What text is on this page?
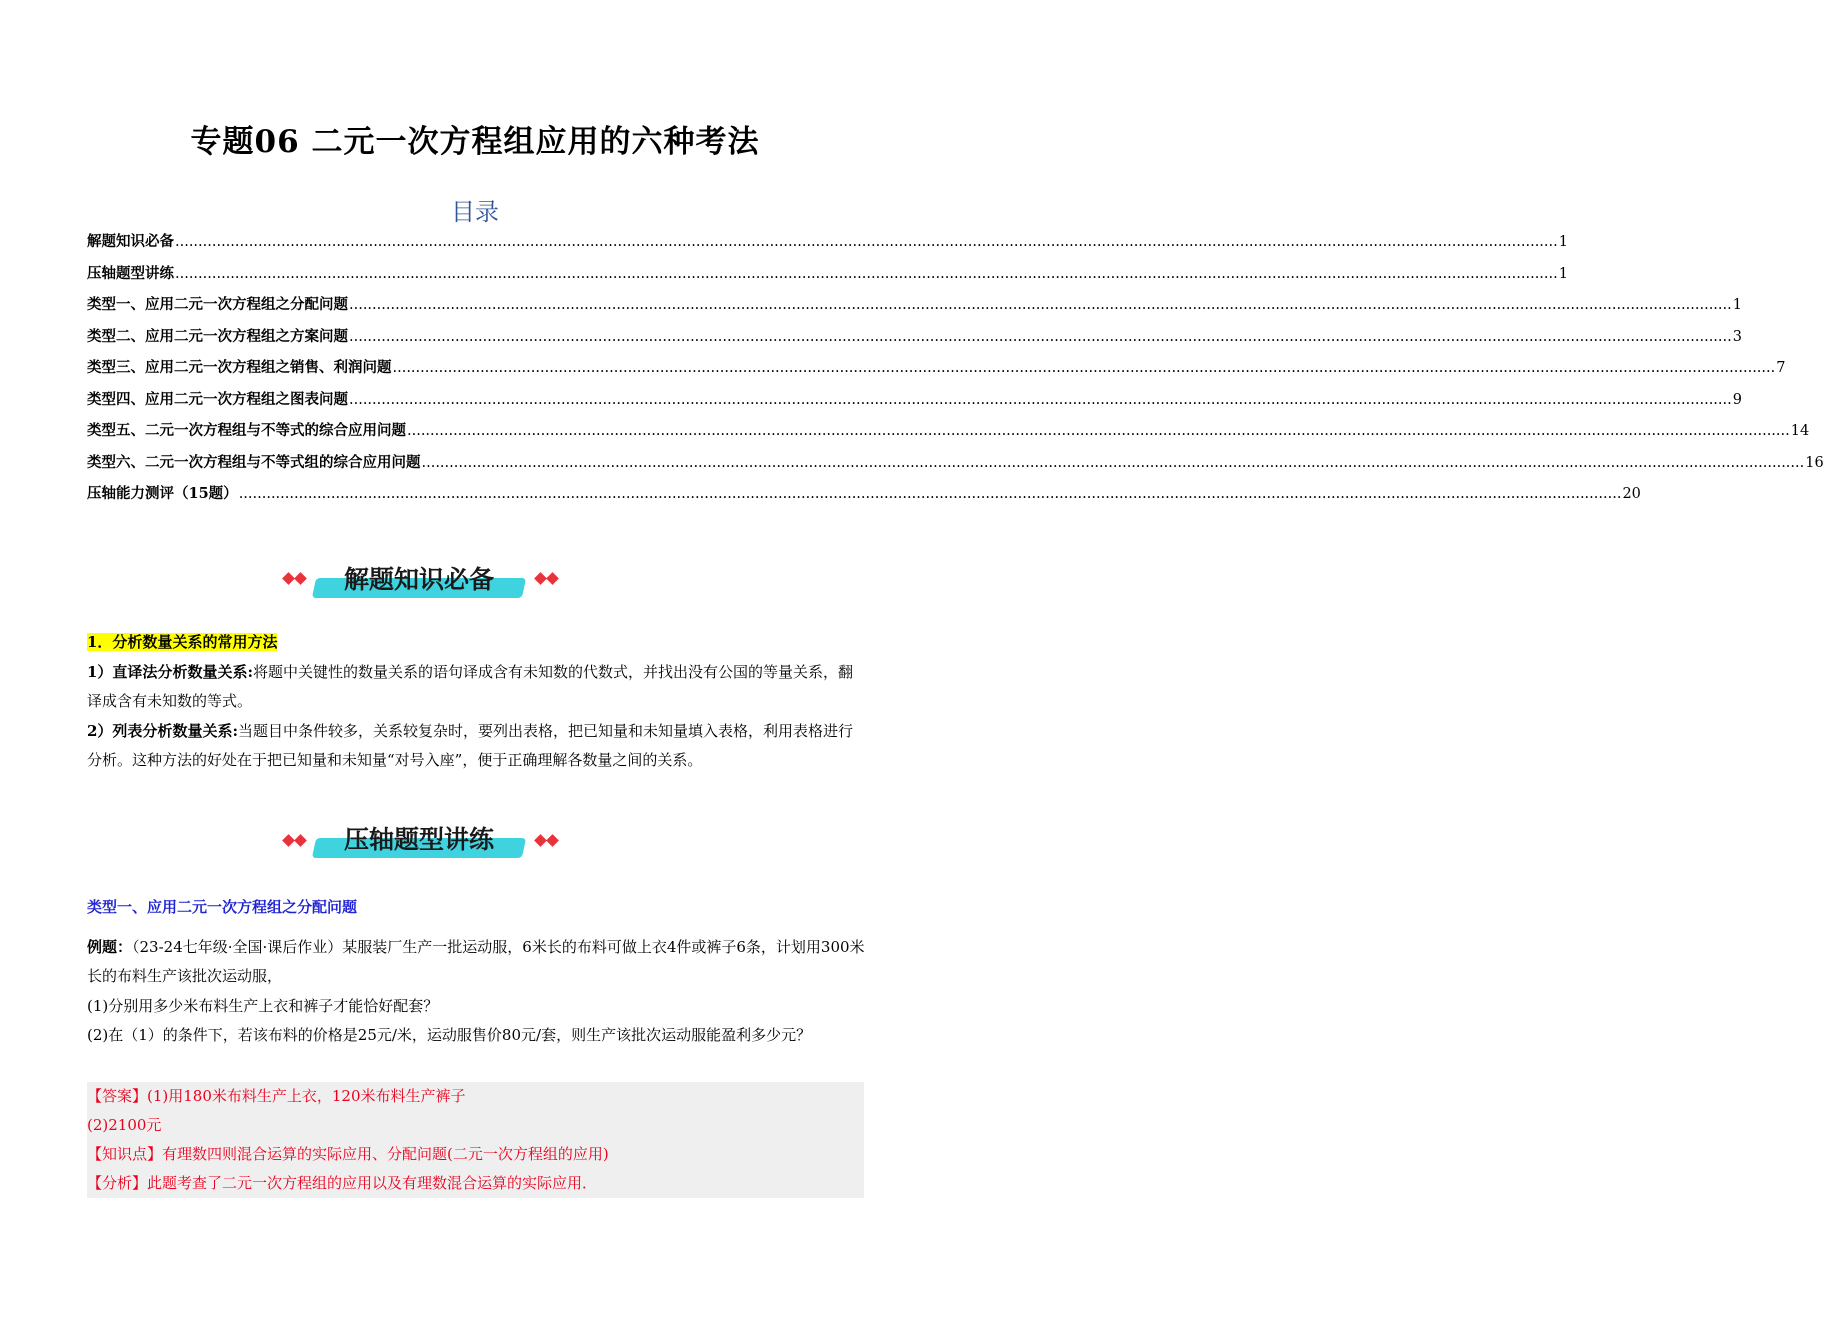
专题06 二元一次方程组应用的六种考法
目录
解题知识必备 ............................................................................................................................................................................................................................................................................................................ 1
压轴题型讲练 ............................................................................................................................................................................................................................................................................................................ 1
类型一、应用二元一次方程组之分配问题 ............................................................................................................................................................................................................................................................................................................ 1
类型二、应用二元一次方程组之方案问题 ............................................................................................................................................................................................................................................................................................................ 3
类型三、应用二元一次方程组之销售、利润问题 ............................................................................................................................................................................................................................................................................................................ 7
类型四、应用二元一次方程组之图表问题 ............................................................................................................................................................................................................................................................................................................ 9
类型五、二元一次方程组与不等式的综合应用问题 ............................................................................................................................................................................................................................................................................................................ 14
类型六、二元一次方程组与不等式组的综合应用问题 ............................................................................................................................................................................................................................................................................................................ 16
压轴能力测评（15题） ............................................................................................................................................................................................................................................................................................................ 20
解题知识必备

1．分析数量关系的常用方法

1）直译法分析数量关系:将题中关键性的数量关系的语句译成含有未知数的代数式，并找出没有公国的等量关系，翻译成含有未知数的等式。

2）列表分析数量关系:当题目中条件较多，关系较复杂时，要列出表格，把已知量和未知量填入表格，利用表格进行分析。这种方法的好处在于把已知量和未知量“对号入座”，便于正确理解各数量之间的关系。

压轴题型讲练

类型一、应用二元一次方程组之分配问题

例题：（23-24七年级·全国·课后作业）某服装厂生产一批运动服，6米长的布料可做上衣4件或裤子6条，计划用300米长的布料生产该批次运动服，

(1)分别用多少米布料生产上衣和裤子才能恰好配套？

(2)在（1）的条件下，若该布料的价格是25元/米，运动服售价80元/套，则生产该批次运动服能盈利多少元？

【答案】(1)用180米布料生产上衣，120米布料生产裤子

(2)2100元

【知识点】有理数四则混合运算的实际应用、分配问题(二元一次方程组的应用)

【分析】此题考查了二元一次方程组的应用以及有理数混合运算的实际应用．
